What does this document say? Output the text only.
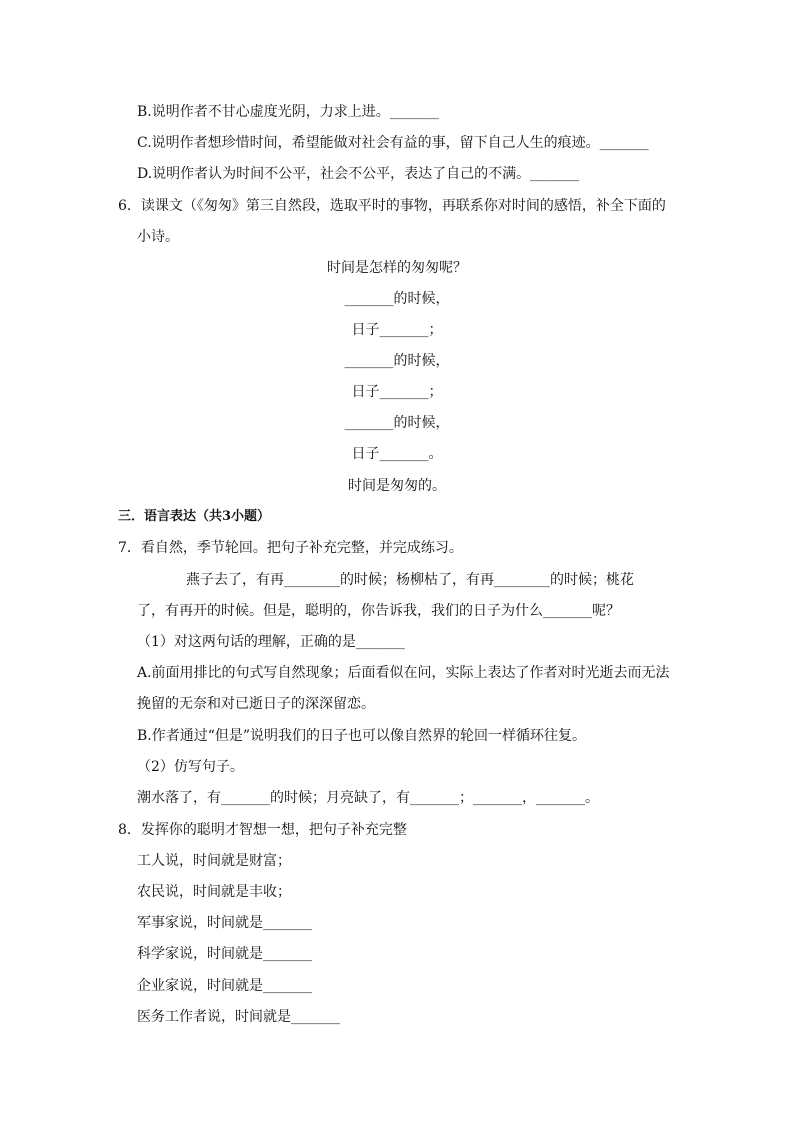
B.说明作者不甘心虚度光阴，力求上进。_______
C.说明作者想珍惜时间，希望能做对社会有益的事，留下自己人生的痕迹。_______
D.说明作者认为时间不公平，社会不公平，表达了自己的不满。_______
6．读课文（《匆匆》第三自然段，选取平时的事物，再联系你对时间的感悟，补全下面的
小诗。
时间是怎样的匆匆呢？
_______的时候，
日子_______；
_______的时候，
日子_______；
_______的时候，
日子_______。
时间是匆匆的。
三．语言表达（共3小题）
7．看自然，季节轮回。把句子补充完整，并完成练习。
燕子去了，有再________的时候；杨柳枯了，有再________的时候；桃花
了，有再开的时候。但是，聪明的，你告诉我，我们的日子为什么_______呢？
（1）对这两句话的理解，正确的是_______
A.前面用排比的句式写自然现象；后面看似在问，实际上表达了作者对时光逝去而无法
挽留的无奈和对已逝日子的深深留恋。
B.作者通过“但是”说明我们的日子也可以像自然界的轮回一样循环往复。
（2）仿写句子。
潮水落了，有_______的时候；月亮缺了，有_______；_______，_______。
8．发挥你的聪明才智想一想，把句子补充完整
工人说，时间就是财富；
农民说，时间就是丰收；
军事家说，时间就是_______
科学家说，时间就是_______
企业家说，时间就是_______
医务工作者说，时间就是_______
